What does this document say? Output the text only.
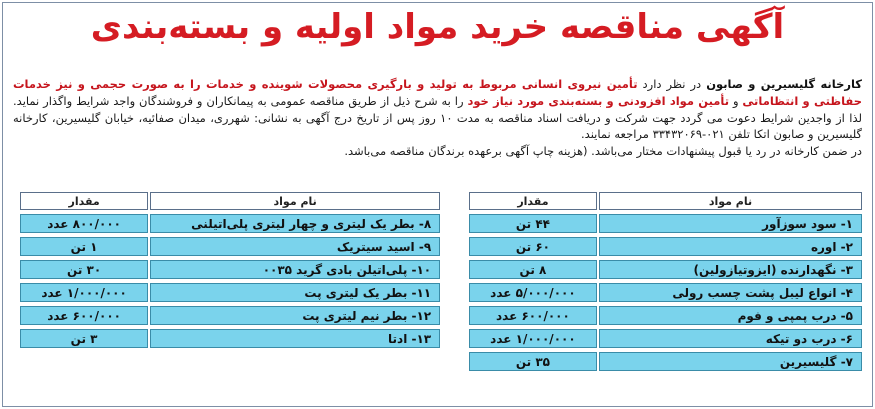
آگهی مناقصه خرید مواد اولیه و بسته‌بندی
کارخانه گلیسیرین و صابون در نظر دارد تأمین نیروی انسانی مربوط به تولید و بارگیری محصولات شوینده و خدمات را به صورت حجمی و نیز خدمات حفاظتی و انتظاماتی و تأمین مواد افزودنی و بسته‌بندی مورد نیاز خود را به شرح ذیل از طریق مناقصه عمومی به پیمانکاران و فروشندگان واجد شرایط واگذار نماید. لذا از واجدین شرایط دعوت می گردد جهت شرکت و دریافت اسناد مناقصه به مدت ۱۰ روز پس از تاریخ درج آگهی به نشانی: شهرری، میدان صفائیه، خیابان گلیسیرین، کارخانه گلیسیرین و صابون اتکا تلفن ۰۲۱-۳۳۴۳۲۰۶۹ مراجعه نمایند.
در ضمن کارخانه در رد یا قبول پیشنهادات مختار می‌باشد. (هزینه چاپ آگهی برعهده برندگان مناقصه می‌باشد.
نام مواد	مقدار		نام مواد	مقدار
۱- سود سوزآور	۴۴ تن		۸- بطر یک لیتری و چهار لیتری پلی‌اتیلنی	۸۰۰/۰۰۰ عدد
۲- اوره	۶۰ تن		۹- اسید سیتریک	۱ تن
۳- نگهدارنده (ایزوتیازولین)	۸ تن		۱۰- پلی‌اتیلن بادی گرید ۰۰۳۵	۳۰ تن
۴- انواع لیبل پشت چسب رولی	۵/۰۰۰/۰۰۰ عدد		۱۱- بطر یک لیتری پت	۱/۰۰۰/۰۰۰ عدد
۵- درب پمپی و فوم	۶۰۰/۰۰۰ عدد		۱۲- بطر نیم لیتری پت	۶۰۰/۰۰۰ عدد
۶- درب دو تیکه	۱/۰۰۰/۰۰۰ عدد		۱۳- ادتا	۳ تن
۷- گلیسیرین	۳۵ تن			
